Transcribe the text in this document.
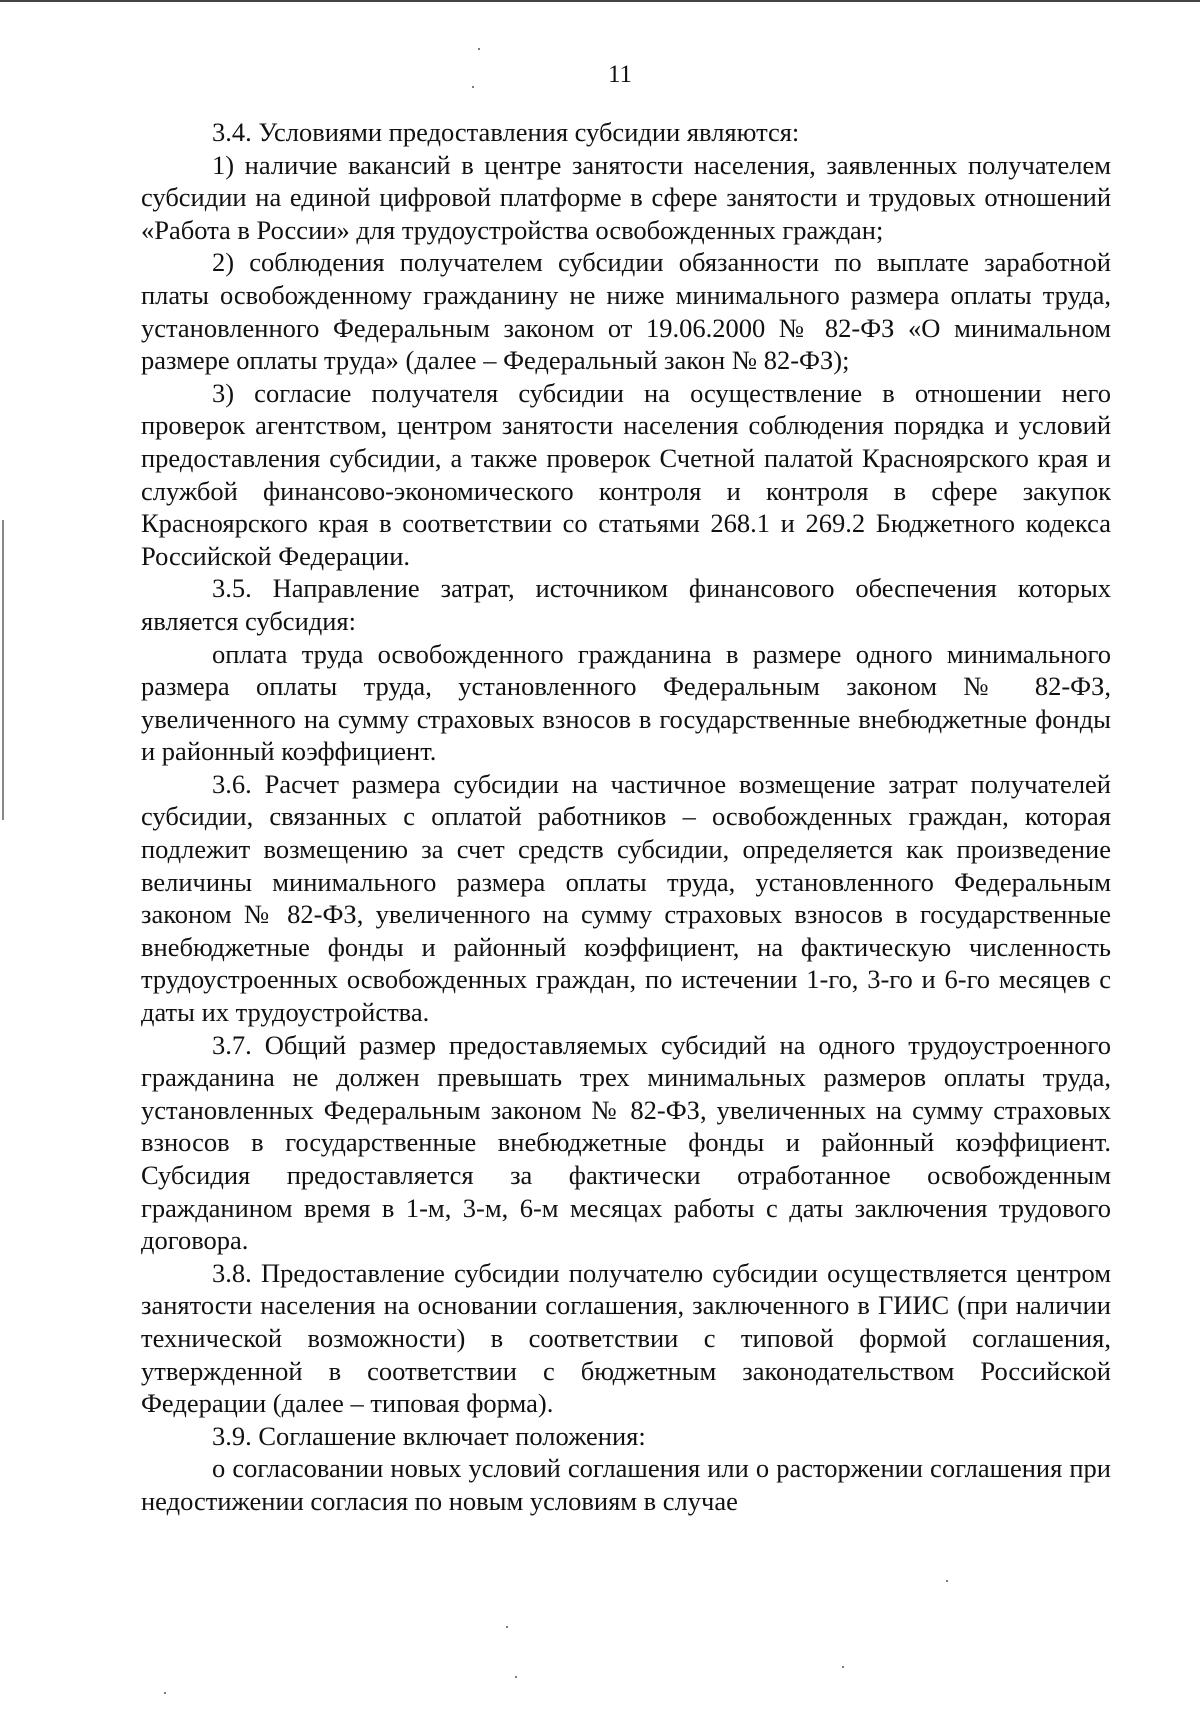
11

3.4. Условиями предоставления субсидии являются:

1) наличие вакансий в центре занятости населения, заявленных получателем субсидии на единой цифровой платформе в сфере занятости и трудовых отношений «Работа в России» для трудоустройства освобожденных граждан;

2) соблюдения получателем субсидии обязанности по выплате заработной платы освобожденному гражданину не ниже минимального размера оплаты труда, установленного Федеральным законом от 19.06.2000 № 82-ФЗ «О минимальном размере оплаты труда» (далее – Федеральный закон № 82-ФЗ);

3) согласие получателя субсидии на осуществление в отношении него проверок агентством, центром занятости населения соблюдения порядка и условий предоставления субсидии, а также проверок Счетной палатой Красноярского края и службой финансово-экономического контроля и контроля в сфере закупок Красноярского края в соответствии со статьями 268.1 и 269.2 Бюджетного кодекса Российской Федерации.

3.5. Направление затрат, источником финансового обеспечения которых является субсидия:

оплата труда освобожденного гражданина в размере одного минимального размера оплаты труда, установленного Федеральным законом № 82-ФЗ, увеличенного на сумму страховых взносов в государственные внебюджетные фонды и районный коэффициент.

3.6. Расчет размера субсидии на частичное возмещение затрат получателей субсидии, связанных с оплатой работников – освобожденных граждан, которая подлежит возмещению за счет средств субсидии, определяется как произведение величины минимального размера оплаты труда, установленного Федеральным законом № 82-ФЗ, увеличенного на сумму страховых взносов в государственные внебюджетные фонды и районный коэффициент, на фактическую численность трудоустроенных освобожденных граждан, по истечении 1-го, 3-го и 6-го месяцев с даты их трудоустройства.

3.7. Общий размер предоставляемых субсидий на одного трудоустроенного гражданина не должен превышать трех минимальных размеров оплаты труда, установленных Федеральным законом № 82-ФЗ, увеличенных на сумму страховых взносов в государственные внебюджетные фонды и районный коэффициент. Субсидия предоставляется за фактически отработанное освобожденным гражданином время в 1-м, 3-м, 6-м месяцах работы с даты заключения трудового договора.

3.8. Предоставление субсидии получателю субсидии осуществляется центром занятости населения на основании соглашения, заключенного в ГИИС (при наличии технической возможности) в соответствии с типовой формой соглашения, утвержденной в соответствии с бюджетным законодательством Российской Федерации (далее – типовая форма).

3.9. Соглашение включает положения:

о согласовании новых условий соглашения или о расторжении соглашения при недостижении согласия по новым условиям в случае
